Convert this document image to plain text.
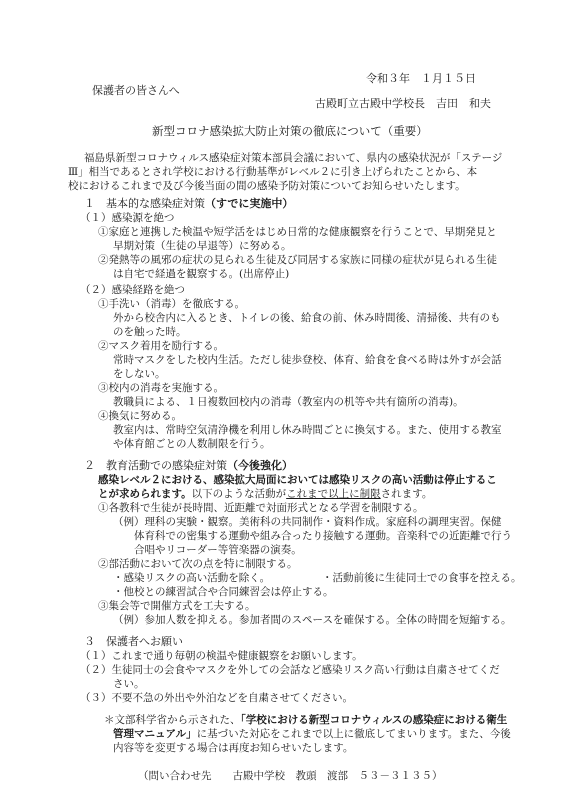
令和３年　１月１５日
保護者の皆さんへ
古殿町立古殿中学校長　吉田　和夫
新型コロナ感染拡大防止対策の徹底について（重要）
福島県新型コロナウィルス感染症対策本部員会議において、県内の感染状況が「ステージ
Ⅲ」相当であるとされ学校における行動基準がレベル２に引き上げられたことから、本
校におけるこれまで及び今後当面の間の感染予防対策についてお知らせいたします。
１　基本的な感染症対策（すでに実施中）
（１）感染源を絶つ
①家庭と連携した検温や短学活をはじめ日常的な健康観察を行うことで、早期発見と
早期対策（生徒の早退等）に努める。
②発熱等の風邪の症状の見られる生徒及び同居する家族に同様の症状が見られる生徒
は自宅で経過を観察する。(出席停止)
（２）感染経路を絶つ
①手洗い（消毒）を徹底する。
外から校舎内に入るとき、トイレの後、給食の前、休み時間後、清掃後、共有のも
のを触った時。
②マスク着用を励行する。
常時マスクをした校内生活。ただし徒歩登校、体育、給食を食べる時は外すが会話
をしない。
③校内の消毒を実施する。
教職員による、１日複数回校内の消毒（教室内の机等や共有箇所の消毒)。
④換気に努める。
教室内は、常時空気清浄機を利用し休み時間ごとに換気する。また、使用する教室
や体育館ごとの人数制限を行う。
２　教育活動での感染症対策（今後強化）
感染レベル２における、感染拡大局面においては感染リスクの高い活動は停止するこ
とが求められます。以下のような活動がこれまで以上に制限されます。
①各教科で生徒が長時間、近距離で対面形式となる学習を制限する。
（例）理科の実験・観察。美術科の共同制作・資料作成。家庭科の調理実習。保健
体育科での密集する運動や組み合ったり接触する運動。音楽科での近距離で行う
合唱やリコーダー等管楽器の演奏。
②部活動において次の点を特に制限する。
・感染リスクの高い活動を除く。	・活動前後に生徒同士での食事を控える。
・他校との練習試合や合同練習会は停止する。
③集会等で開催方式を工夫する。
（例）参加人数を抑える。参加者間のスペースを確保する。全体の時間を短縮する。
３　保護者へお願い
（１）これまで通り毎朝の検温や健康観察をお願いします。
（２）生徒同士の会食やマスクを外しての会話など感染リスク高い行動は自粛させてくだ
さい。
（３）不要不急の外出や外泊などを自粛させてください。
＊文部科学省から示された、「学校における新型コロナウィルスの感染症における衛生
管理マニュアル」に基づいた対応をこれまで以上に徹底してまいります。また、今後
内容等を変更する場合は再度お知らせいたします。
（問い合わせ先　　古殿中学校　教頭　渡部　５３－３１３５）
